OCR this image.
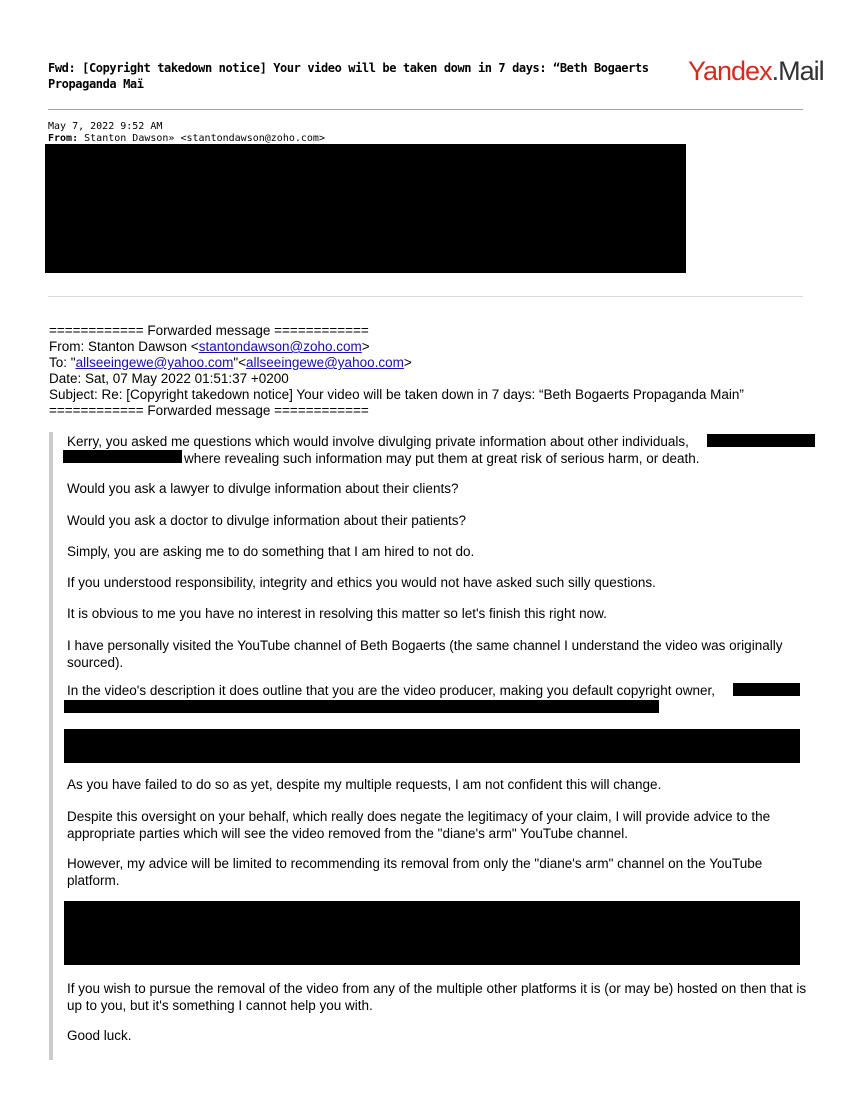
Fwd: [Copyright takedown notice] Your video will be taken down in 7 days: “Beth Bogaerts Propaganda Maï	Yandex.Mail
May 7, 2022 9:52 AM
From: Stanton Dawson» <stantondawson@zoho.com>
============ Forwarded message ============
From: Stanton Dawson <stantondawson@zoho.com>
To: "allseeingewe@yahoo.com"<allseeingewe@yahoo.com>
Date: Sat, 07 May 2022 01:51:37 +0200
Subject: Re: [Copyright takedown notice] Your video will be taken down in 7 days: “Beth Bogaerts Propaganda Main”
============ Forwarded message ============
Kerry, you asked me questions which would involve divulging private information about other individuals,
where revealing such information may put them at great risk of serious harm, or death.
Would you ask a lawyer to divulge information about their clients?
Would you ask a doctor to divulge information about their patients?
Simply, you are asking me to do something that I am hired to not do.
If you understood responsibility, integrity and ethics you would not have asked such silly questions.
It is obvious to me you have no interest in resolving this matter so let's finish this right now.
I have personally visited the YouTube channel of Beth Bogaerts (the same channel I understand the video was originally sourced).
In the video's description it does outline that you are the video producer, making you default copyright owner,
As you have failed to do so as yet, despite my multiple requests, I am not confident this will change.
Despite this oversight on your behalf, which really does negate the legitimacy of your claim, I will provide advice to the appropriate parties which will see the video removed from the "diane's arm" YouTube channel.
However, my advice will be limited to recommending its removal from only the "diane's arm" channel on the YouTube platform.
If you wish to pursue the removal of the video from any of the multiple other platforms it is (or may be) hosted on then that is up to you, but it's something I cannot help you with.
Good luck.
